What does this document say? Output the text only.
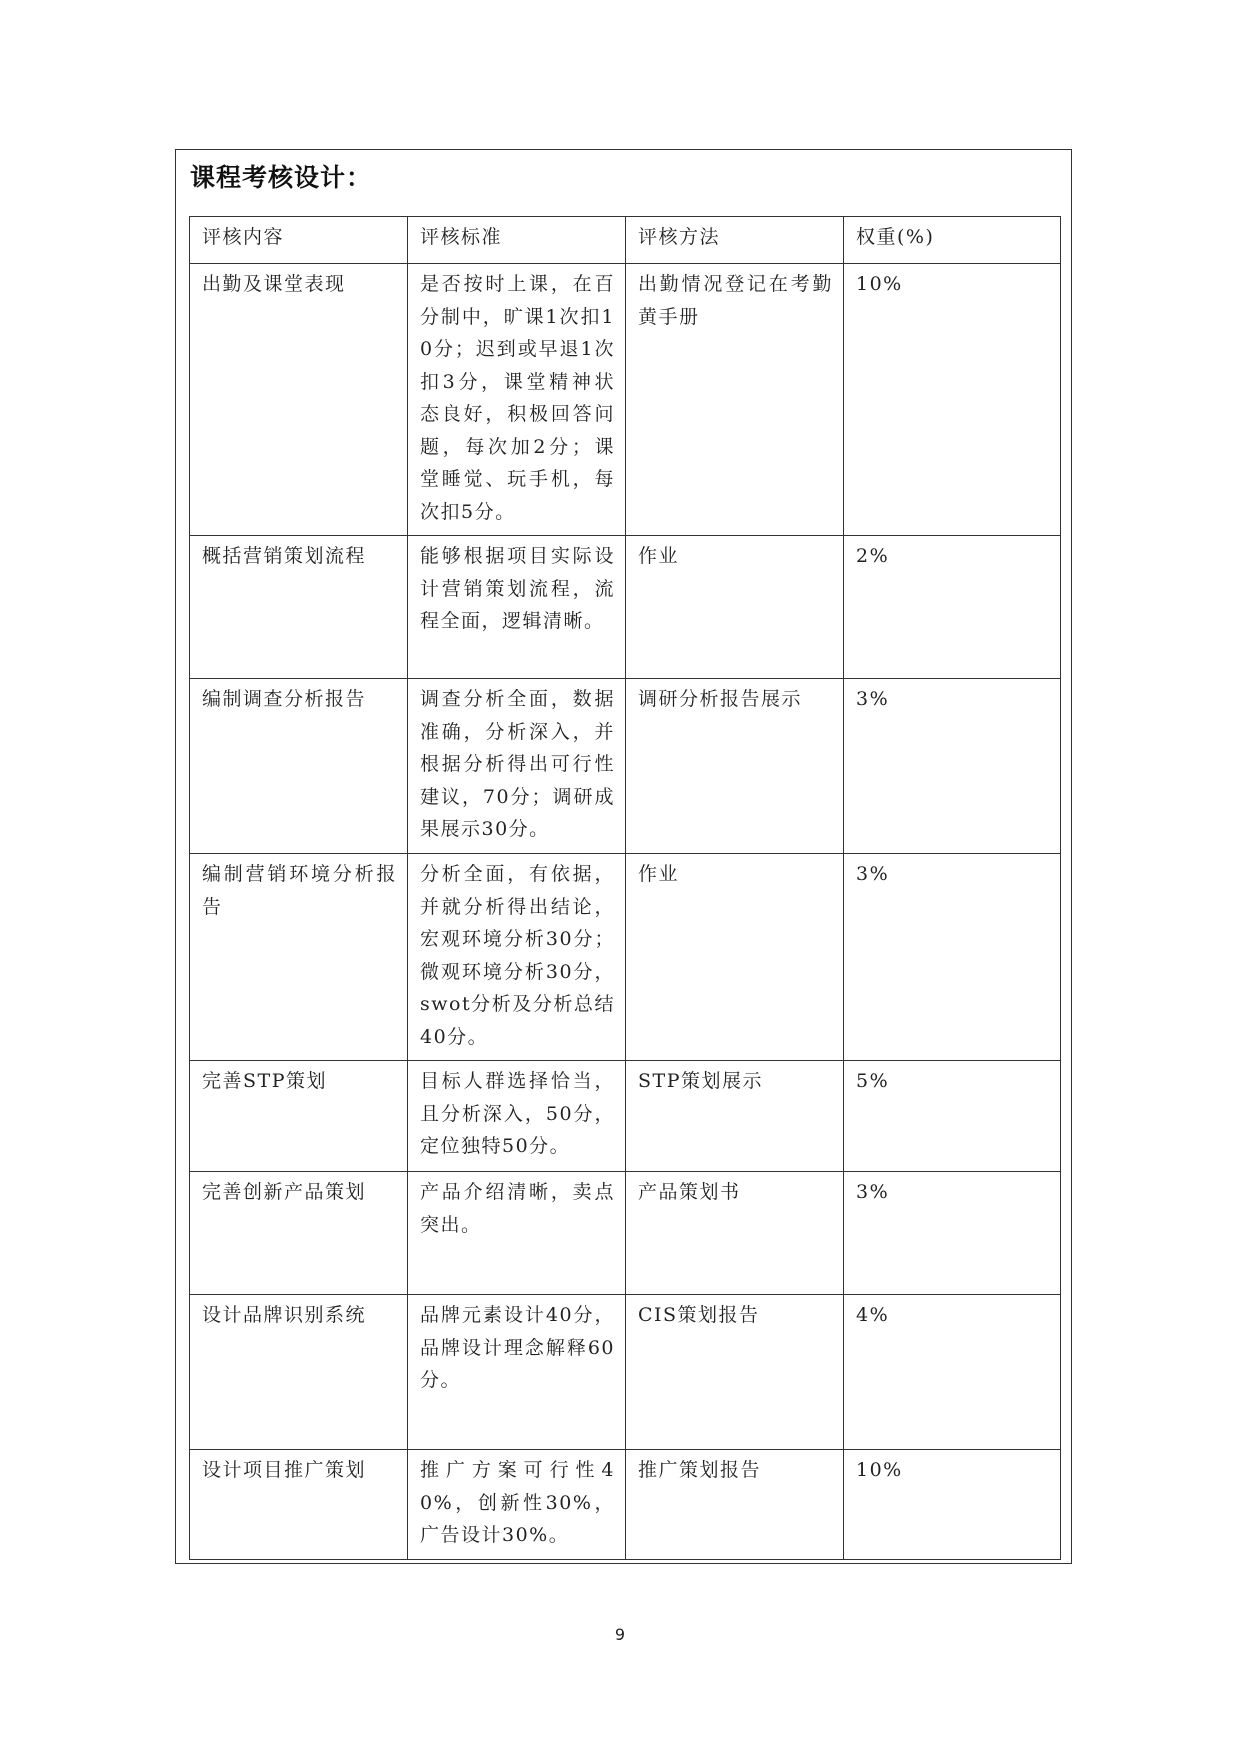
课程考核设计：
评核内容	评核标准	评核方法	权重(%)
出勤及课堂表现	是否按时上课，在百分制中，旷课1次扣10分；迟到或早退1次扣3分，课堂精神状态良好，积极回答问题，每次加2分；课堂睡觉、玩手机，每次扣5分。	出勤情况登记在考勤黄手册	10%
概括营销策划流程	能够根据项目实际设计营销策划流程，流程全面，逻辑清晰。	作业	2%
编制调查分析报告	调查分析全面，数据准确，分析深入，并根据分析得出可行性建议，70分；调研成果展示30分。	调研分析报告展示	3%
编制营销环境分析报告	分析全面，有依据，并就分析得出结论，宏观环境分析30分；微观环境分析30分，swot分析及分析总结40分。	作业	3%
完善STP策划	目标人群选择恰当，且分析深入，50分，定位独特50分。	STP策划展示	5%
完善创新产品策划	产品介绍清晰，卖点突出。	产品策划书	3%
设计品牌识别系统	品牌元素设计40分，品牌设计理念解释60分。	CIS策划报告	4%
设计项目推广策划	推广方案可行性40%，创新性30%，广告设计30%。	推广策划报告	10%
9
